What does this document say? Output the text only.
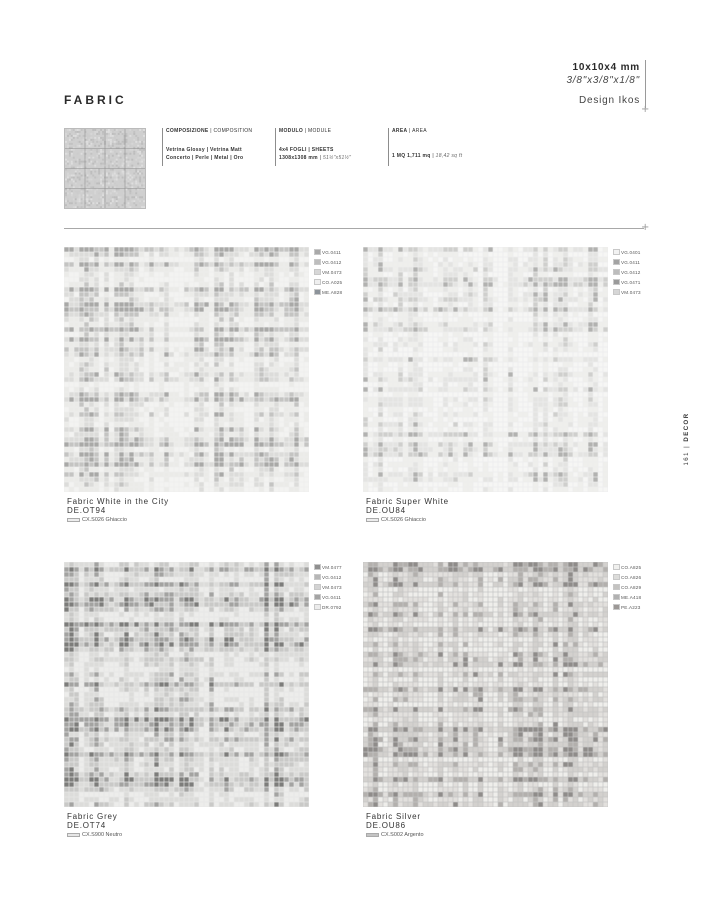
10x10x4 mm
3/8"x3/8"x1/8"
Design Ikos
+
FABRIC
COMPOSIZIONE | COMPOSITION
Vetrina Glossy | Vetrina Matt
Concerto | Perle | Metal | Oro
MODULO | MODULE
4x4 FOGLI | SHEETS
1308x1308 mm | 51½"x51½"
AREA | AREA
1 MQ 1,711 mq | 18,42 sq ft
+
161 | DECOR
VG.0411
VG.0412
VM.0473
CO.A025
ME.A828
Fabric White in the City
DE.OT94
CX.S026 Ghiaccio
VG.0401
VG.0411
VG.0412
VG.0471
VM.0473
Fabric Super White
DE.OU84
CX.S026 Ghiaccio
VM.0477
VG.0412
VM.0473
VG.0411
DR.0792
Fabric Grey
DE.OT74
CX.S900 Neutro
CO.A825
CO.A826
CO.A829
ME.A418
PE.A223
Fabric Silver
DE.OU86
CX.S002 Argento
